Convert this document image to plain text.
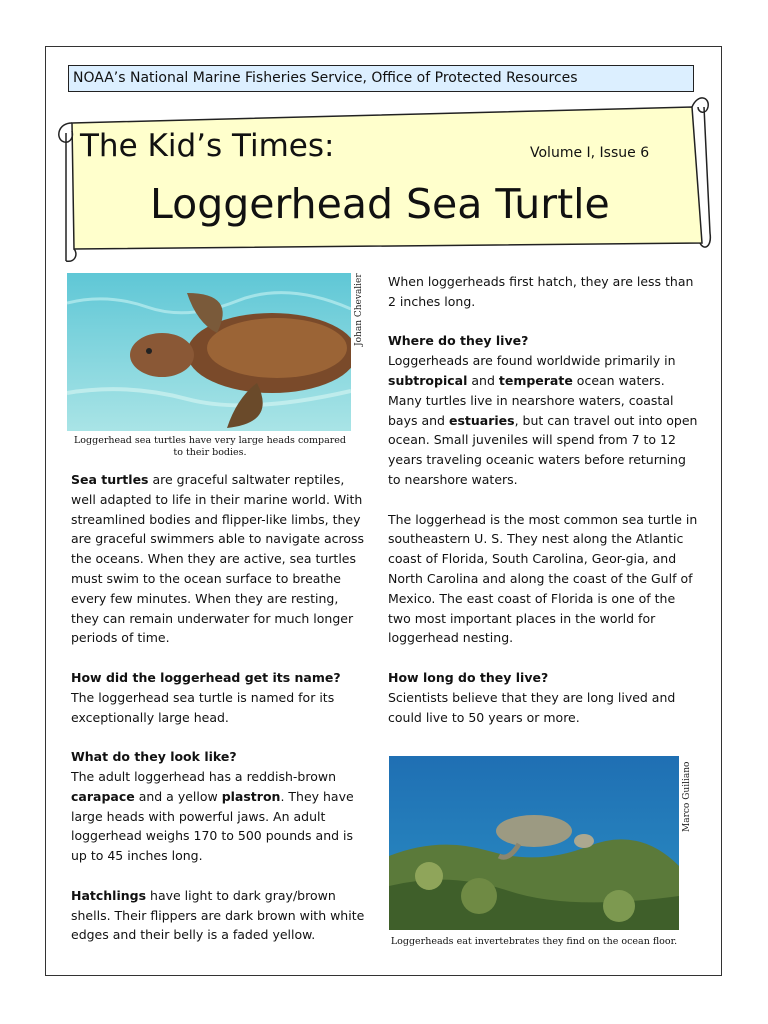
NOAA’s National Marine Fisheries Service, Office of Protected Resources
The Kid’s Times:	Volume I, Issue 6
Loggerhead Sea Turtle
Johan Chevalier
Loggerhead sea turtles have very large heads compared to their bodies.

Sea turtles are graceful saltwater reptiles, well adapted to life in their marine world. With streamlined bodies and flipper-like limbs, they are graceful swimmers able to navigate across the oceans. When they are active, sea turtles must swim to the ocean surface to breathe every few minutes. When they are resting, they can remain underwater for much longer periods of time.

How did the loggerhead get its name?
The loggerhead sea turtle is named for its exceptionally large head.

What do they look like?
The adult loggerhead has a reddish-brown carapace and a yellow plastron. They have large heads with powerful jaws. An adult loggerhead weighs 170 to 500 pounds and is up to 45 inches long.

Hatchlings have light to dark gray/brown shells. Their flippers are dark brown with white edges and their belly is a faded yellow.

When loggerheads first hatch, they are less than 2 inches long.

Where do they live?
Loggerheads are found worldwide primarily in subtropical and temperate ocean waters. Many turtles live in nearshore waters, coastal bays and estuaries, but can travel out into open ocean. Small juveniles will spend from 7 to 12 years traveling oceanic waters before returning to nearshore waters.

The loggerhead is the most common sea turtle in southeastern U. S. They nest along the Atlantic coast of Florida, South Carolina, Geor-gia, and North Carolina and along the coast of the Gulf of Mexico. The east coast of Florida is one of the two most important places in the world for loggerhead nesting.

How long do they live?
Scientists believe that they are long lived and could live to 50 years or more.

Marco Guiliano
Loggerheads eat invertebrates they find on the ocean floor.
